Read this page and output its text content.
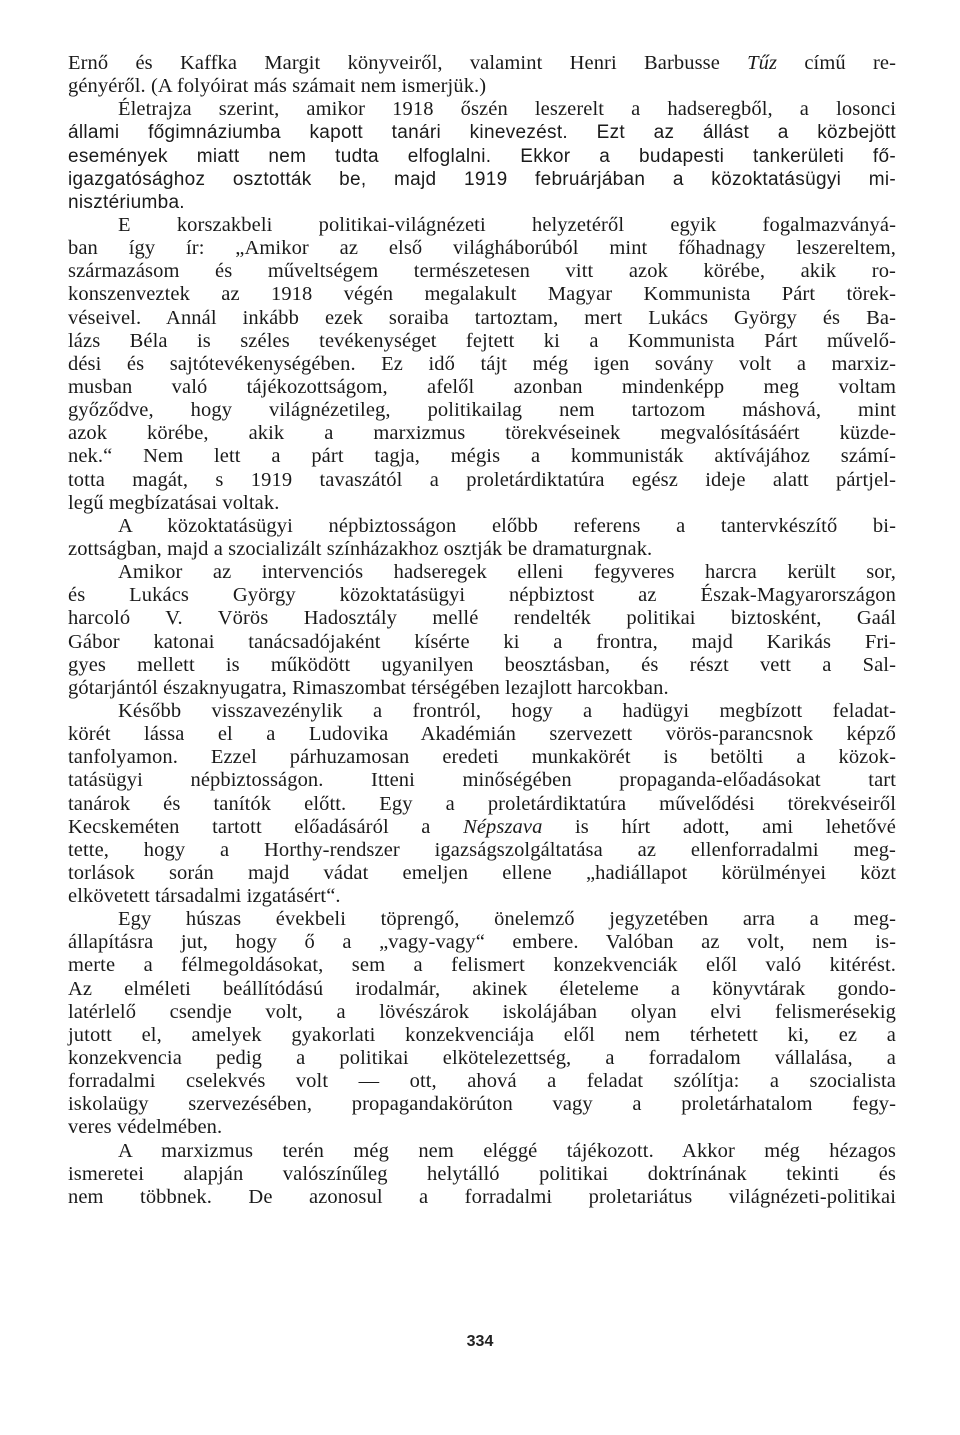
Ernő és Kaffka Margit könyveiről, valamint Henri Barbusse Tűz című re-
gényéről. (A folyóirat más számait nem ismerjük.)
Életrajza szerint, amikor 1918 őszén leszerelt a hadseregből, a losonci
állami főgimnáziumba kapott tanári kinevezést. Ezt az állást a közbejött
események miatt nem tudta elfoglalni. Ekkor a budapesti tankerületi fő-
igazgatósághoz osztották be, majd 1919 februárjában a közoktatásügyi mi-
nisztériumba.
E korszakbeli politikai-világnézeti helyzetéről egyik fogalmazványá-
ban így ír: „Amikor az első világháborúból mint főhadnagy leszereltem,
származásom és műveltségem természetesen vitt azok körébe, akik ro-
konszenveztek az 1918 végén megalakult Magyar Kommunista Párt törek-
véseivel. Annál inkább ezek soraiba tartoztam, mert Lukács György és Ba-
lázs Béla is széles tevékenységet fejtett ki a Kommunista Párt művelő-
dési és sajtótevékenységében. Ez idő tájt még igen sovány volt a marxiz-
musban való tájékozottságom, afelől azonban mindenképp meg voltam
győződve, hogy világnézetileg, politikailag nem tartozom máshová, mint
azok körébe, akik a marxizmus törekvéseinek megvalósításáért küzde-
nek.“ Nem lett a párt tagja, mégis a kommunisták aktívájához számí-
totta magát, s 1919 tavaszától a proletárdiktatúra egész ideje alatt pártjel-
legű megbízatásai voltak.
A közoktatásügyi népbiztosságon előbb referens a tantervkészítő bi-
zottságban, majd a szocializált színházakhoz osztják be dramaturgnak.
Amikor az intervenciós hadseregek elleni fegyveres harcra került sor,
és Lukács György közoktatásügyi népbiztost az Észak-Magyarországon
harcoló V. Vörös Hadosztály mellé rendelték politikai biztosként, Gaál
Gábor katonai tanácsadójaként kísérte ki a frontra, majd Karikás Fri-
gyes mellett is működött ugyanilyen beosztásban, és részt vett a Sal-
gótarjántól északnyugatra, Rimaszombat térségében lezajlott harcokban.
Később visszavezénylik a frontról, hogy a hadügyi megbízott feladat-
körét lássa el a Ludovika Akadémián szervezett vörös-parancsnok képző
tanfolyamon. Ezzel párhuzamosan eredeti munkakörét is betölti a közok-
tatásügyi népbiztosságon. Itteni minőségében propaganda-előadásokat tart
tanárok és tanítók előtt. Egy a proletárdiktatúra művelődési törekvéseiről
Kecskeméten tartott előadásáról a Népszava is hírt adott, ami lehetővé
tette, hogy a Horthy-rendszer igazságszolgáltatása az ellenforradalmi meg-
torlások során majd vádat emeljen ellene „hadiállapot körülményei közt
elkövetett társadalmi izgatásért“.
Egy húszas évekbeli töprengő, önelemző jegyzetében arra a meg-
állapításra jut, hogy ő a „vagy-vagy“ embere. Valóban az volt, nem is-
merte a félmegoldásokat, sem a felismert konzekvenciák elől való kitérést.
Az elméleti beállítódású irodalmár, akinek életeleme a könyvtárak gondo-
latérlelő csendje volt, a lövészárok iskolájában olyan elvi felismerésekig
jutott el, amelyek gyakorlati konzekvenciája elől nem térhetett ki, ez a
konzekvencia pedig a politikai elkötelezettség, a forradalom vállalása, a
forradalmi cselekvés volt — ott, ahová a feladat szólítja: a szocialista
iskolaügy szervezésében, propagandakörúton vagy a proletárhatalom fegy-
veres védelmében.
A marxizmus terén még nem eléggé tájékozott. Akkor még hézagos
ismeretei alapján valószínűleg helytálló politikai doktrínának tekinti és
nem többnek. De azonosul a forradalmi proletariátus világnézeti-politikai
334
